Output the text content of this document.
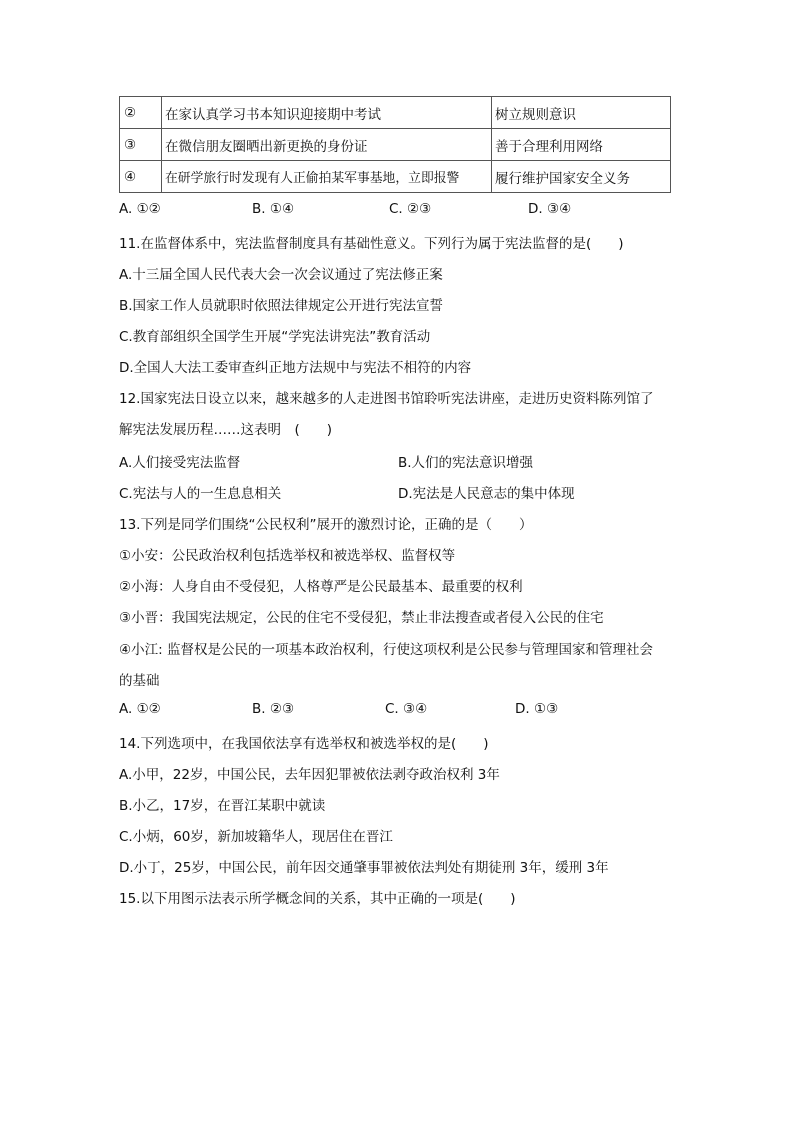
②	在家认真学习书本知识迎接期中考试	树立规则意识
③	在微信朋友圈晒出新更换的身份证	善于合理利用网络
④	在研学旅行时发现有人正偷拍某军事基地，立即报警	履行维护国家安全义务
A. ①②	B. ①④	C. ②③	D. ③④
11.在监督体系中，宪法监督制度具有基础性意义。下列行为属于宪法监督的是(　　)
A.十三届全国人民代表大会一次会议通过了宪法修正案
B.国家工作人员就职时依照法律规定公开进行宪法宣誓
C.教育部组织全国学生开展“学宪法讲宪法”教育活动
D.全国人大法工委审查纠正地方法规中与宪法不相符的内容
12.国家宪法日设立以来，越来越多的人走进图书馆聆听宪法讲座，走进历史资料陈列馆了
解宪法发展历程……这表明　(　　)
A.人们接受宪法监督	B.人们的宪法意识增强
C.宪法与人的一生息息相关	D.宪法是人民意志的集中体现
13.下列是同学们围绕“公民权利”展开的激烈讨论，正确的是（　　）
①小安：公民政治权利包括选举权和被选举权、监督权等
②小海：人身自由不受侵犯，人格尊严是公民最基本、最重要的权利
③小晋：我国宪法规定，公民的住宅不受侵犯，禁止非法搜查或者侵入公民的住宅
④小江: 监督权是公民的一项基本政治权利，行使这项权利是公民参与管理国家和管理社会
的基础
A. ①②	B. ②③	C. ③④	D. ①③
14.下列选项中，在我国依法享有选举权和被选举权的是(　　)
A.小甲，22岁，中国公民，去年因犯罪被依法剥夺政治权利 3年
B.小乙，17岁，在晋江某职中就读
C.小炳，60岁，新加坡籍华人，现居住在晋江
D.小丁，25岁，中国公民，前年因交通肇事罪被依法判处有期徒刑 3年，缓刑 3年
15.以下用图示法表示所学概念间的关系，其中正确的一项是(　　)
